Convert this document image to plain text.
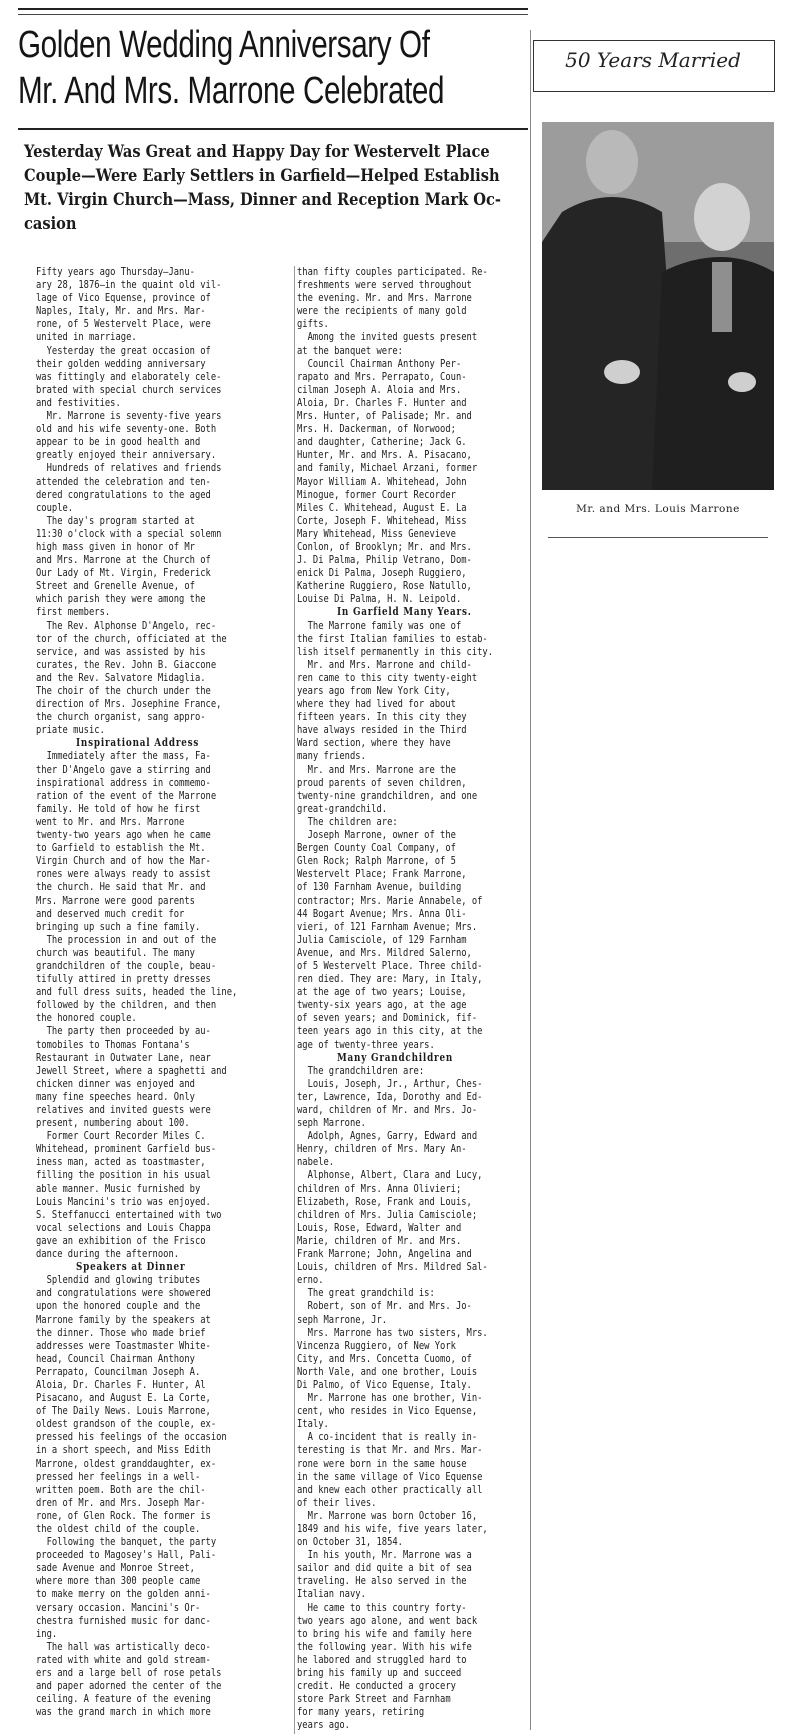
Golden Wedding Anniversary Of
Mr. And Mrs. Marrone Celebrated
Yesterday Was Great and Happy Day for Westervelt Place
Couple—Were Early Settlers in Garfield—Helped Establish
Mt. Virgin Church—Mass, Dinner and Reception Mark Oc-
casion
50 Years Married
Mr. and Mrs. Louis Marrone
Fifty years ago Thursday—Janu-
ary 28, 1876—in the quaint old vil-
lage of Vico Equense, province of
Naples, Italy, Mr. and Mrs. Mar-
rone, of 5 Westervelt Place, were
united in marriage.
Yesterday the great occasion of
their golden wedding anniversary
was fittingly and elaborately cele-
brated with special church services
and festivities.
Mr. Marrone is seventy-five years
old and his wife seventy-one. Both
appear to be in good health and
greatly enjoyed their anniversary.
Hundreds of relatives and friends
attended the celebration and ten-
dered congratulations to the aged
couple.
The day's program started at
11:30 o'clock with a special solemn
high mass given in honor of Mr
and Mrs. Marrone at the Church of
Our Lady of Mt. Virgin, Frederick
Street and Grenelle Avenue, of
which parish they were among the
first members.
The Rev. Alphonse D'Angelo, rec-
tor of the church, officiated at the
service, and was assisted by his
curates, the Rev. John B. Giaccone
and the Rev. Salvatore Midaglia.
The choir of the church under the
direction of Mrs. Josephine France,
the church organist, sang appro-
priate music.
Inspirational Address
Immediately after the mass, Fa-
ther D'Angelo gave a stirring and
inspirational address in commemo-
ration of the event of the Marrone
family. He told of how he first
went to Mr. and Mrs. Marrone
twenty-two years ago when he came
to Garfield to establish the Mt.
Virgin Church and of how the Mar-
rones were always ready to assist
the church. He said that Mr. and
Mrs. Marrone were good parents
and deserved much credit for
bringing up such a fine family.
The procession in and out of the
church was beautiful. The many
grandchildren of the couple, beau-
tifully attired in pretty dresses
and full dress suits, headed the line,
followed by the children, and then
the honored couple.
The party then proceeded by au-
tomobiles to Thomas Fontana's
Restaurant in Outwater Lane, near
Jewell Street, where a spaghetti and
chicken dinner was enjoyed and
many fine speeches heard. Only
relatives and invited guests were
present, numbering about 100.
Former Court Recorder Miles C.
Whitehead, prominent Garfield bus-
iness man, acted as toastmaster,
filling the position in his usual
able manner. Music furnished by
Louis Mancini's trio was enjoyed.
S. Steffanucci entertained with two
vocal selections and Louis Chappa
gave an exhibition of the Frisco
dance during the afternoon.
Speakers at Dinner
Splendid and glowing tributes
and congratulations were showered
upon the honored couple and the
Marrone family by the speakers at
the dinner. Those who made brief
addresses were Toastmaster White-
head, Council Chairman Anthony
Perrapato, Councilman Joseph A.
Aloia, Dr. Charles F. Hunter, Al
Pisacano, and August E. La Corte,
of The Daily News. Louis Marrone,
oldest grandson of the couple, ex-
pressed his feelings of the occasion
in a short speech, and Miss Edith
Marrone, oldest granddaughter, ex-
pressed her feelings in a well-
written poem. Both are the chil-
dren of Mr. and Mrs. Joseph Mar-
rone, of Glen Rock. The former is
the oldest child of the couple.
Following the banquet, the party
proceeded to Magosey's Hall, Pali-
sade Avenue and Monroe Street,
where more than 300 people came
to make merry on the golden anni-
versary occasion. Mancini's Or-
chestra furnished music for danc-
ing.
The hall was artistically deco-
rated with white and gold stream-
ers and a large bell of rose petals
and paper adorned the center of the
ceiling. A feature of the evening
was the grand march in which more
than fifty couples participated. Re-
freshments were served throughout
the evening. Mr. and Mrs. Marrone
were the recipients of many gold
gifts.
Among the invited guests present
at the banquet were:
Council Chairman Anthony Per-
rapato and Mrs. Perrapato, Coun-
cilman Joseph A. Aloia and Mrs.
Aloia, Dr. Charles F. Hunter and
Mrs. Hunter, of Palisade; Mr. and
Mrs. H. Dackerman, of Norwood;
and daughter, Catherine; Jack G.
Hunter, Mr. and Mrs. A. Pisacano,
and family, Michael Arzani, former
Mayor William A. Whitehead, John
Minogue, former Court Recorder
Miles C. Whitehead, August E. La
Corte, Joseph F. Whitehead, Miss
Mary Whitehead, Miss Genevieve
Conlon, of Brooklyn; Mr. and Mrs.
J. Di Palma, Philip Vetrano, Dom-
enick Di Palma, Joseph Ruggiero,
Katherine Ruggiero, Rose Natullo,
Louise Di Palma, H. N. Leipold.
In Garfield Many Years.
The Marrone family was one of
the first Italian families to estab-
lish itself permanently in this city.
Mr. and Mrs. Marrone and child-
ren came to this city twenty-eight
years ago from New York City,
where they had lived for about
fifteen years. In this city they
have always resided in the Third
Ward section, where they have
many friends.
Mr. and Mrs. Marrone are the
proud parents of seven children,
twenty-nine grandchildren, and one
great-grandchild.
The children are:
Joseph Marrone, owner of the
Bergen County Coal Company, of
Glen Rock; Ralph Marrone, of 5
Westervelt Place; Frank Marrone,
of 130 Farnham Avenue, building
contractor; Mrs. Marie Annabele, of
44 Bogart Avenue; Mrs. Anna Oli-
vieri, of 121 Farnham Avenue; Mrs.
Julia Camisciole, of 129 Farnham
Avenue, and Mrs. Mildred Salerno,
of 5 Westervelt Place. Three child-
ren died. They are: Mary, in Italy,
at the age of two years; Louise,
twenty-six years ago, at the age
of seven years; and Dominick, fif-
teen years ago in this city, at the
age of twenty-three years.
Many Grandchildren
The grandchildren are:
Louis, Joseph, Jr., Arthur, Ches-
ter, Lawrence, Ida, Dorothy and Ed-
ward, children of Mr. and Mrs. Jo-
seph Marrone.
Adolph, Agnes, Garry, Edward and
Henry, children of Mrs. Mary An-
nabele.
Alphonse, Albert, Clara and Lucy,
children of Mrs. Anna Olivieri;
Elizabeth, Rose, Frank and Louis,
children of Mrs. Julia Camisciole;
Louis, Rose, Edward, Walter and
Marie, children of Mr. and Mrs.
Frank Marrone; John, Angelina and
Louis, children of Mrs. Mildred Sal-
erno.
The great grandchild is:
Robert, son of Mr. and Mrs. Jo-
seph Marrone, Jr.
Mrs. Marrone has two sisters, Mrs.
Vincenza Ruggiero, of New York
City, and Mrs. Concetta Cuomo, of
North Vale, and one brother, Louis
Di Palmo, of Vico Equense, Italy.
Mr. Marrone has one brother, Vin-
cent, who resides in Vico Equense,
Italy.
A co-incident that is really in-
teresting is that Mr. and Mrs. Mar-
rone were born in the same house
in the same village of Vico Equense
and knew each other practically all
of their lives.
Mr. Marrone was born October 16,
1849 and his wife, five years later,
on October 31, 1854.
In his youth, Mr. Marrone was a
sailor and did quite a bit of sea
traveling. He also served in the
Italian navy.
He came to this country forty-
two years ago alone, and went back
to bring his wife and family here
the following year. With his wife
he labored and struggled hard to
bring his family up and succeed
credit. He conducted a grocery
store Park Street and Farnham
for many years, retiring
years ago.
